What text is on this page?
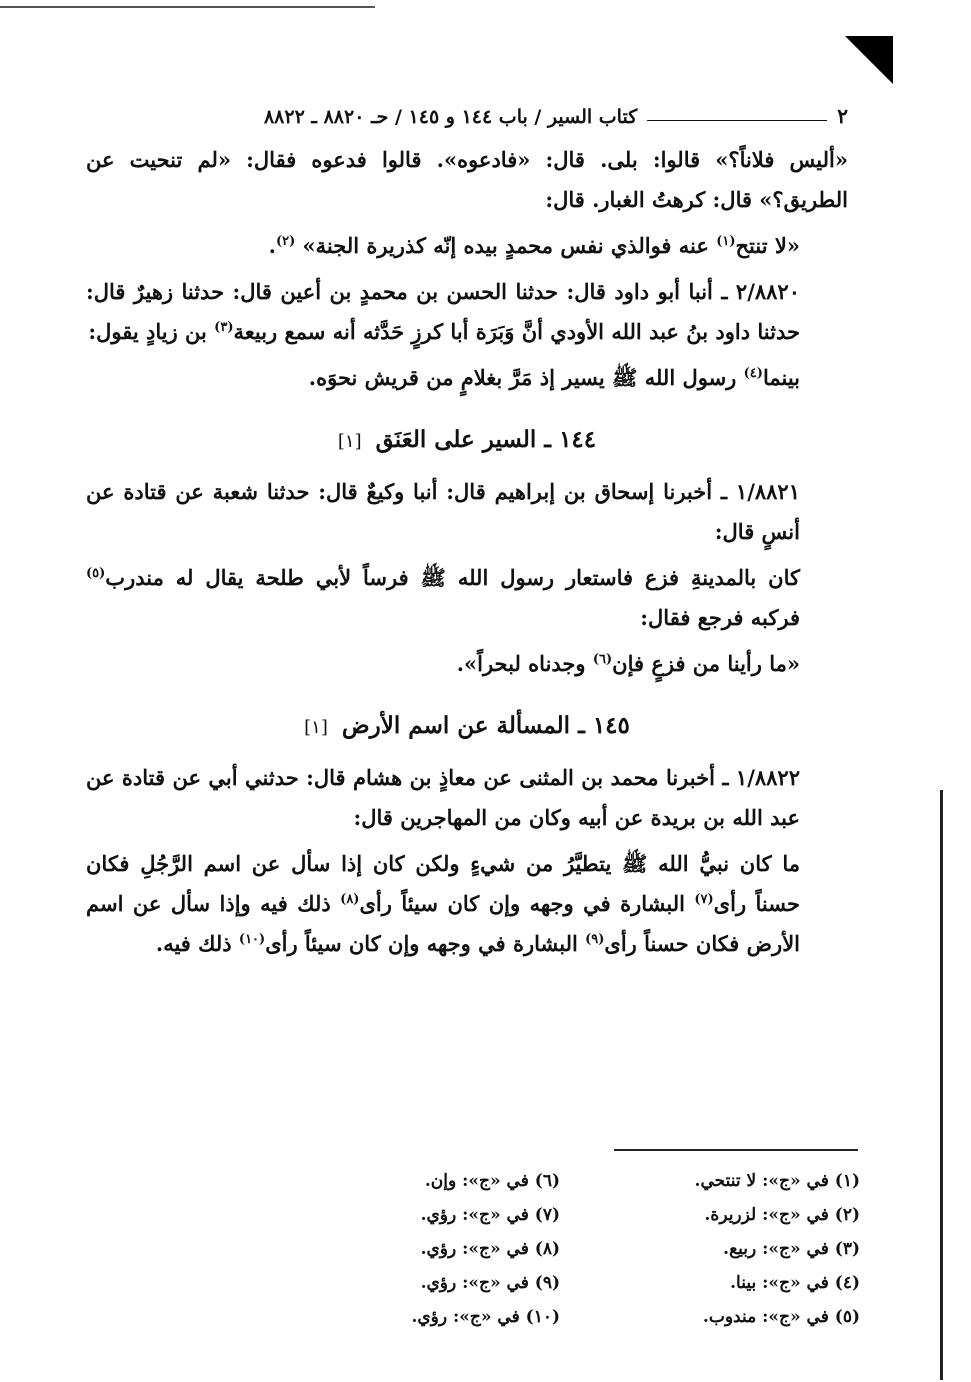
٢
كتاب السير / باب ١٤٤ و ١٤٥ / حـ ٨٨٢٠ ـ ٨٨٢٢

«أليس فلاناً؟» قالوا: بلى. قال: «فادعوه». قالوا فدعوه فقال: «لم تنحيت عن الطريق؟» قال: كرهتُ الغبار. قال:

«لا تنتح$^{(١)}$ عنه فوالذي نفس محمدٍ بيده إنّه كذريرة الجنة» $^{(٢)}$.

٢/٨٨٢٠ ـ أنبا أبو داود قال: حدثنا الحسن بن محمدٍ بن أعين قال: حدثنا زهيرٌ قال: حدثنا داود بنُ عبد الله الأودي أنَّ وَبَرَة أبا كرزٍ حَدَّثه أنه سمع ربيعة$^{(٣)}$ بن زيادٍ يقول:

بينما$^{(٤)}$ رسول الله ﷺ يسير إذ مَرَّ بغلامٍ من قريش نحوَه.

١٤٤ ـ السير على العَنَق [١]

١/٨٨٢١ ـ أخبرنا إسحاق بن إبراهيم قال: أنبا وكيعٌ قال: حدثنا شعبة عن قتادة عن أنسٍ قال:

كان بالمدينةِ فزع فاستعار رسول الله ﷺ فرساً لأبي طلحة يقال له مندرب$^{(٥)}$ فركبه فرجع فقال:

«ما رأينا من فزعٍ فإن$^{(٦)}$ وجدناه لبحراً».

١٤٥ ـ المسألة عن اسم الأرض [١]

١/٨٨٢٢ ـ أخبرنا محمد بن المثنى عن معاذٍ بن هشام قال: حدثني أبي عن قتادة عن عبد الله بن بريدة عن أبيه وكان من المهاجرين قال:

ما كان نبيُّ الله ﷺ يتطيَّرُ من شيءٍ ولكن كان إذا سأل عن اسم الرَّجُلِ فكان حسناً رأى$^{(٧)}$ البشارة في وجهه وإن كان سيئاً رأى$^{(٨)}$ ذلك فيه وإذا سأل عن اسم الأرض فكان حسناً رأى$^{(٩)}$ البشارة في وجهه وإن كان سيئاً رأى$^{(١٠)}$ ذلك فيه.

(١) في «ج»: لا تنتحي.
(٢) في «ج»: لزريرة.
(٣) في «ج»: ربيع.
(٤) في «ج»: بينا.
(٥) في «ج»: مندوب.
(٦) في «ج»: وإن.
(٧) في «ج»: رؤي.
(٨) في «ج»: رؤي.
(٩) في «ج»: رؤي.
(١٠) في «ج»: رؤي.
